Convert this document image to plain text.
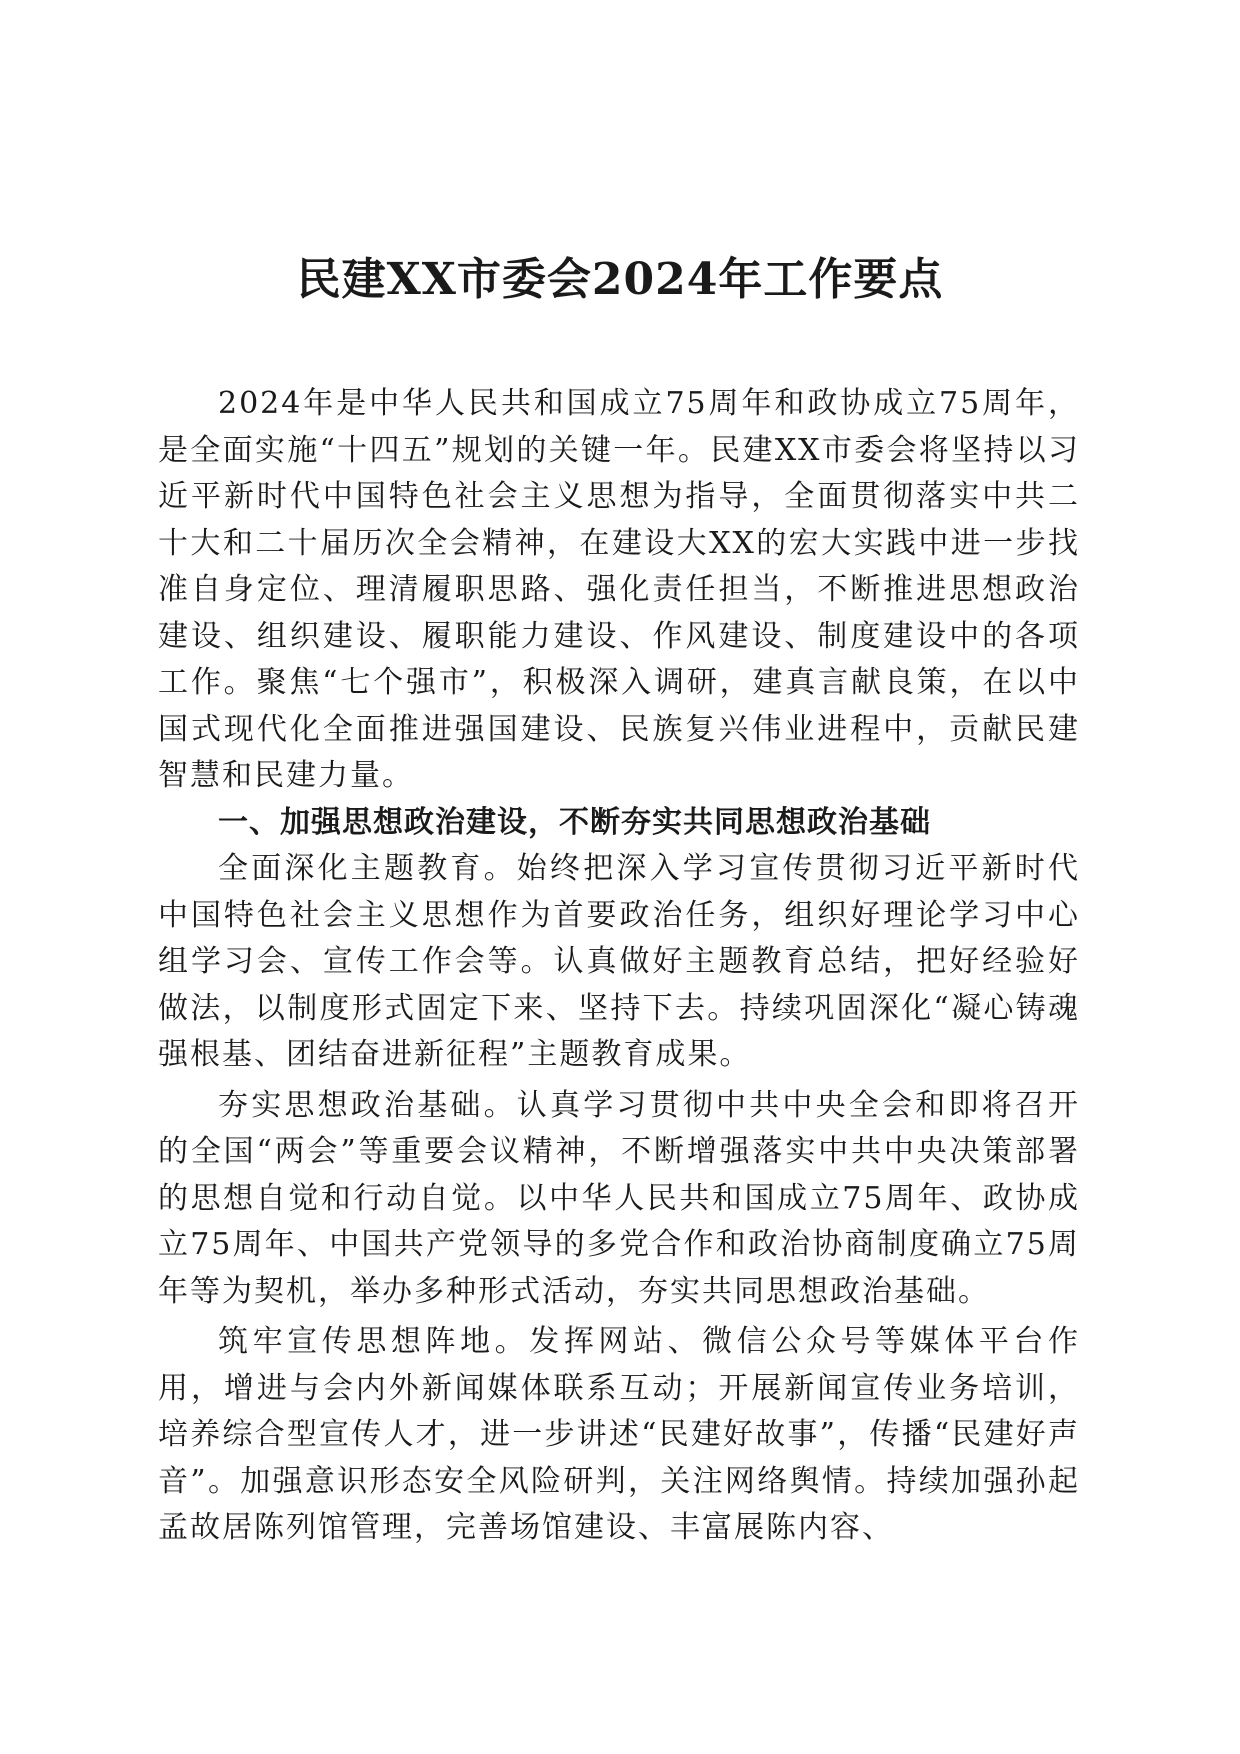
民建XX市委会2024年工作要点

2024年是中华人民共和国成立75周年和政协成立75周年，是全面实施“十四五”规划的关键一年。民建XX市委会将坚持以习近平新时代中国特色社会主义思想为指导，全面贯彻落实中共二十大和二十届历次全会精神，在建设大XX的宏大实践中进一步找准自身定位、理清履职思路、强化责任担当，不断推进思想政治建设、组织建设、履职能力建设、作风建设、制度建设中的各项工作。聚焦“七个强市”，积极深入调研，建真言献良策，在以中国式现代化全面推进强国建设、民族复兴伟业进程中，贡献民建智慧和民建力量。

一、加强思想政治建设，不断夯实共同思想政治基础

全面深化主题教育。始终把深入学习宣传贯彻习近平新时代中国特色社会主义思想作为首要政治任务，组织好理论学习中心组学习会、宣传工作会等。认真做好主题教育总结，把好经验好做法，以制度形式固定下来、坚持下去。持续巩固深化“凝心铸魂强根基、团结奋进新征程”主题教育成果。

夯实思想政治基础。认真学习贯彻中共中央全会和即将召开的全国“两会”等重要会议精神，不断增强落实中共中央决策部署的思想自觉和行动自觉。以中华人民共和国成立75周年、政协成立75周年、中国共产党领导的多党合作和政治协商制度确立75周年等为契机，举办多种形式活动，夯实共同思想政治基础。

筑牢宣传思想阵地。发挥网站、微信公众号等媒体平台作用，增进与会内外新闻媒体联系互动；开展新闻宣传业务培训，培养综合型宣传人才，进一步讲述“民建好故事”，传播“民建好声音”。加强意识形态安全风险研判，关注网络舆情。持续加强孙起孟故居陈列馆管理，完善场馆建设、丰富展陈内容、
